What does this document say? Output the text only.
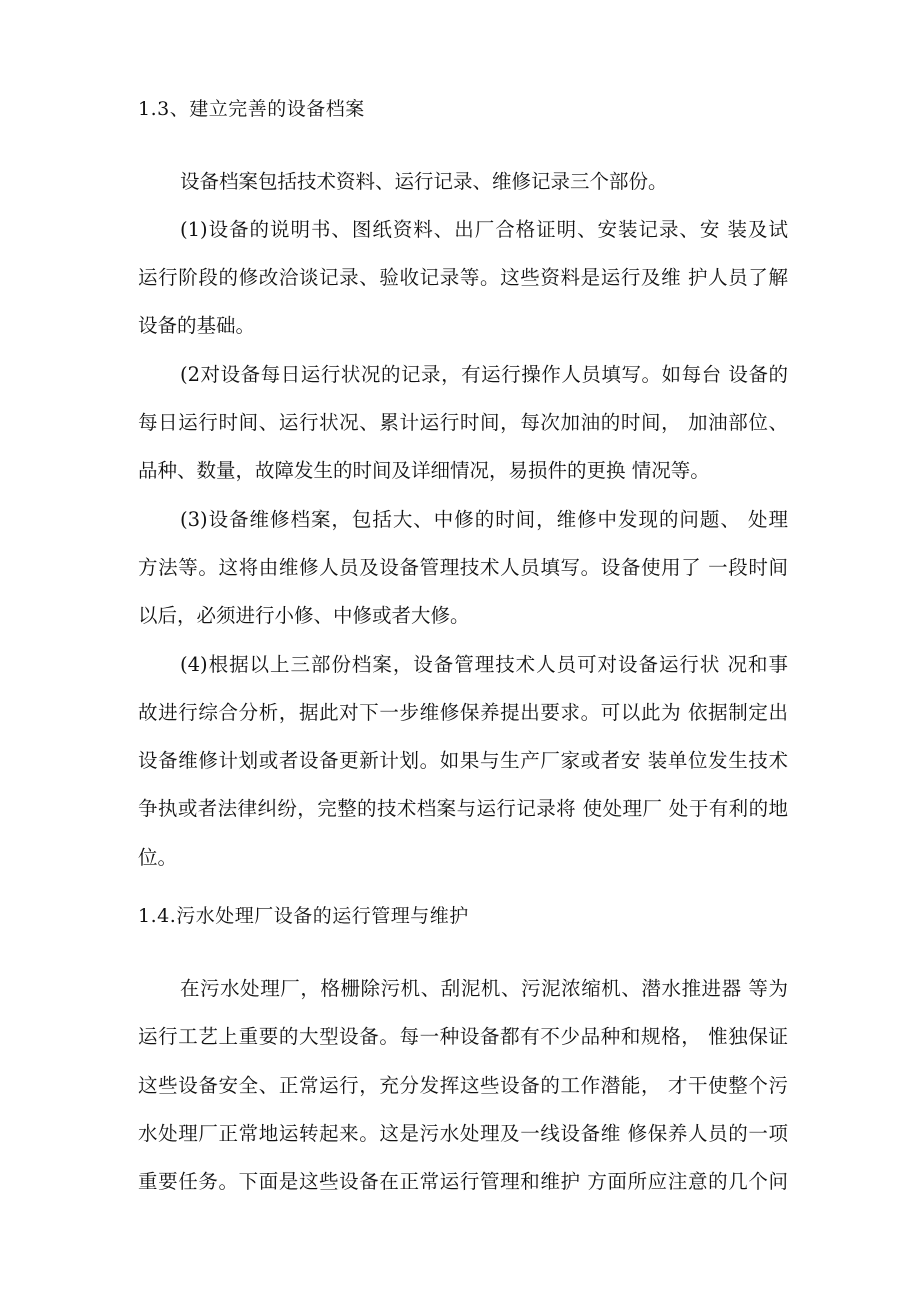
1.3、建立完善的设备档案
设备档案包括技术资料、运行记录、维修记录三个部份。
(1)设备的说明书、图纸资料、出厂合格证明、安装记录、安 装及试
运行阶段的修改洽谈记录、验收记录等。这些资料是运行及维 护人员了解
设备的基础。
(2对设备每日运行状况的记录，有运行操作人员填写。如每台 设备的
每日运行时间、运行状况、累计运行时间，每次加油的时间， 加油部位、
品种、数量，故障发生的时间及详细情况，易损件的更换 情况等。
(3)设备维修档案，包括大、中修的时间，维修中发现的问题、 处理
方法等。这将由维修人员及设备管理技术人员填写。设备使用了 一段时间
以后，必须进行小修、中修或者大修。
(4)根据以上三部份档案，设备管理技术人员可对设备运行状 况和事
故进行综合分析，据此对下一步维修保养提出要求。可以此为 依据制定出
设备维修计划或者设备更新计划。如果与生产厂家或者安 装单位发生技术
争执或者法律纠纷，完整的技术档案与运行记录将 使处理厂 处于有利的地
位。
1.4.污水处理厂设备的运行管理与维护
在污水处理厂，格栅除污机、刮泥机、污泥浓缩机、潜水推进器 等为
运行工艺上重要的大型设备。每一种设备都有不少品种和规格， 惟独保证
这些设备安全、正常运行，充分发挥这些设备的工作潜能， 才干使整个污
水处理厂正常地运转起来。这是污水处理及一线设备维 修保养人员的一项
重要任务。下面是这些设备在正常运行管理和维护 方面所应注意的几个问
